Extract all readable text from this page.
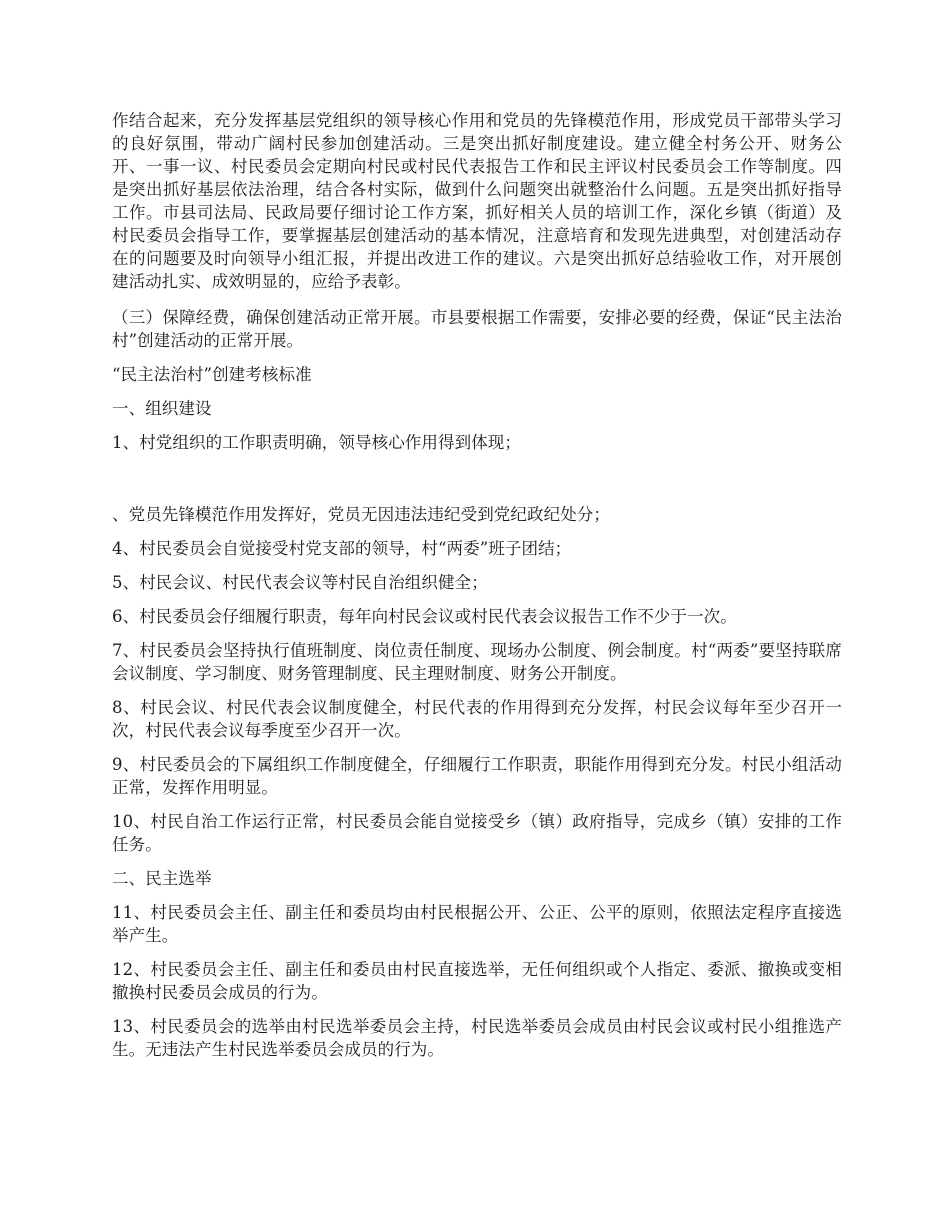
作结合起来，充分发挥基层党组织的领导核心作用和党员的先锋模范作用，形成党员干部带头学习的良好氛围，带动广阔村民参加创建活动。三是突出抓好制度建设。建立健全村务公开、财务公开、一事一议、村民委员会定期向村民或村民代表报告工作和民主评议村民委员会工作等制度。四是突出抓好基层依法治理，结合各村实际，做到什么问题突出就整治什么问题。五是突出抓好指导工作。市县司法局、民政局要仔细讨论工作方案，抓好相关人员的培训工作，深化乡镇（街道）及村民委员会指导工作，要掌握基层创建活动的基本情况，注意培育和发现先进典型，对创建活动存在的问题要及时向领导小组汇报，并提出改进工作的建议。六是突出抓好总结验收工作，对开展创建活动扎实、成效明显的，应给予表彰。

（三）保障经费，确保创建活动正常开展。市县要根据工作需要，安排必要的经费，保证“民主法治村”创建活动的正常开展。

“民主法治村”创建考核标准

一、组织建设

1、村党组织的工作职责明确，领导核心作用得到体现；

、党员先锋模范作用发挥好，党员无因违法违纪受到党纪政纪处分；

4、村民委员会自觉接受村党支部的领导，村“两委”班子团结；

5、村民会议、村民代表会议等村民自治组织健全；

6、村民委员会仔细履行职责，每年向村民会议或村民代表会议报告工作不少于一次。

7、村民委员会坚持执行值班制度、岗位责任制度、现场办公制度、例会制度。村“两委”要坚持联席会议制度、学习制度、财务管理制度、民主理财制度、财务公开制度。

8、村民会议、村民代表会议制度健全，村民代表的作用得到充分发挥，村民会议每年至少召开一次，村民代表会议每季度至少召开一次。

9、村民委员会的下属组织工作制度健全，仔细履行工作职责，职能作用得到充分发。村民小组活动正常，发挥作用明显。

10、村民自治工作运行正常，村民委员会能自觉接受乡（镇）政府指导，完成乡（镇）安排的工作任务。

二、民主选举

11、村民委员会主任、副主任和委员均由村民根据公开、公正、公平的原则，依照法定程序直接选举产生。

12、村民委员会主任、副主任和委员由村民直接选举，无任何组织或个人指定、委派、撤换或变相撤换村民委员会成员的行为。

13、村民委员会的选举由村民选举委员会主持，村民选举委员会成员由村民会议或村民小组推选产生。无违法产生村民选举委员会成员的行为。
